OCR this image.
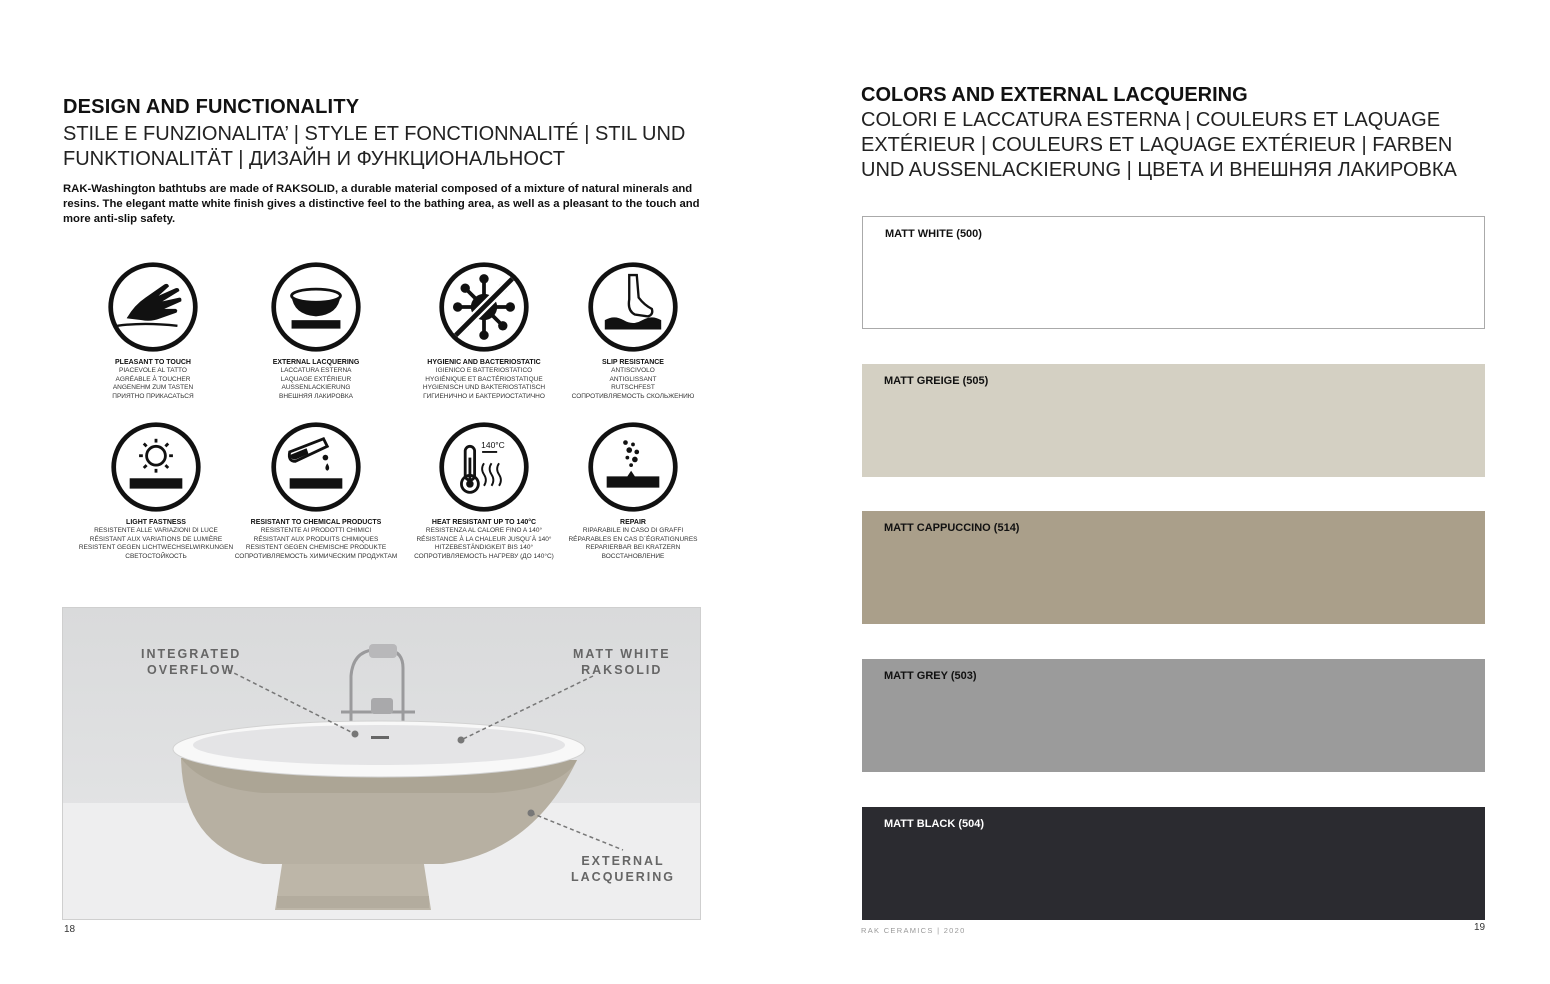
DESIGN AND FUNCTIONALITY
STILE E FUNZIONALITA’ | STYLE ET FONCTIONNALITÉ | STIL UND FUNKTIONALITÄT | ДИЗАЙН И ФУНКЦИОНАЛЬНОСТ
RAK-Washington bathtubs are made of RAKSOLID, a durable material composed of a mixture of natural minerals and resins. The elegant matte white finish gives a distinctive feel to the bathing area, as well as a pleasant to the touch and more anti-slip safety.
PLEASANT TO TOUCH
PIACEVOLE AL TATTO
AGRÉABLE À TOUCHER
ANGENEHM ZUM TASTEN
ПРИЯТНО ПРИКАСАТЬСЯ
EXTERNAL LACQUERING
LACCATURA ESTERNA
LAQUAGE EXTÉRIEUR
AUSSENLACKIERUNG
ВНЕШНЯЯ ЛАКИРОВКА
HYGIENIC AND BACTERIOSTATIC
IGIENICO E BATTERIOSTATICO
HYGIÉNIQUE ET BACTÉRIOSTATIQUE
HYGIENISCH UND BAKTERIOSTATISCH
ГИГИЕНИЧНО И БАКТЕРИОСТАТИЧНО
SLIP RESISTANCE
ANTISCIVOLO
ANTIGLISSANT
RUTSCHFEST
СОПРОТИВЛЯЕМОСТЬ СКОЛЬЖЕНИЮ
LIGHT FASTNESS
RESISTENTE ALLE VARIAZIONI DI LUCE
RÉSISTANT AUX VARIATIONS DE LUMIÈRE
RESISTENT GEGEN LICHTWECHSELWIRKUNGEN
СВЕТОСТОЙКОСТЬ
RESISTANT TO CHEMICAL PRODUCTS
RESISTENTE AI PRODOTTI CHIMICI
RÉSISTANT AUX PRODUITS CHIMIQUES
RESISTENT GEGEN CHEMISCHE PRODUKTE
СОПРОТИВЛЯЕМОСТЬ ХИМИЧЕСКИМ ПРОДУКТАМ
140°C
HEAT RESISTANT UP TO 140°C
RESISTENZA AL CALORE FINO A 140°
RÉSISTANCE À LA CHALEUR JUSQU´À 140°
HITZEBESTÄNDIGKEIT BIS 140°
СОПРОТИВЛЯЕМОСТЬ НАГРЕВУ (ДО 140°C)
REPAIR
RIPARABILE IN CASO DI GRAFFI
RÉPARABLES EN CAS D´ÉGRATIGNURES
REPARIERBAR BEI KRATZERN
ВОССТАНОВЛЕНИЕ
INTEGRATED
OVERFLOW
MATT WHITE
RAKSOLID
EXTERNAL
LACQUERING
18
COLORS AND EXTERNAL LACQUERING
COLORI E LACCATURA ESTERNA | COULEURS ET LAQUAGE EXTÉRIEUR | COULEURS ET LAQUAGE EXTÉRIEUR | FARBEN UND AUSSENLACKIERUNG | ЦВЕТА И ВНЕШНЯЯ ЛАКИРОВКА
MATT WHITE (500)
MATT GREIGE (505)
MATT CAPPUCCINO (514)
MATT GREY (503)
MATT BLACK (504)
RAK CERAMICS | 2020	19
